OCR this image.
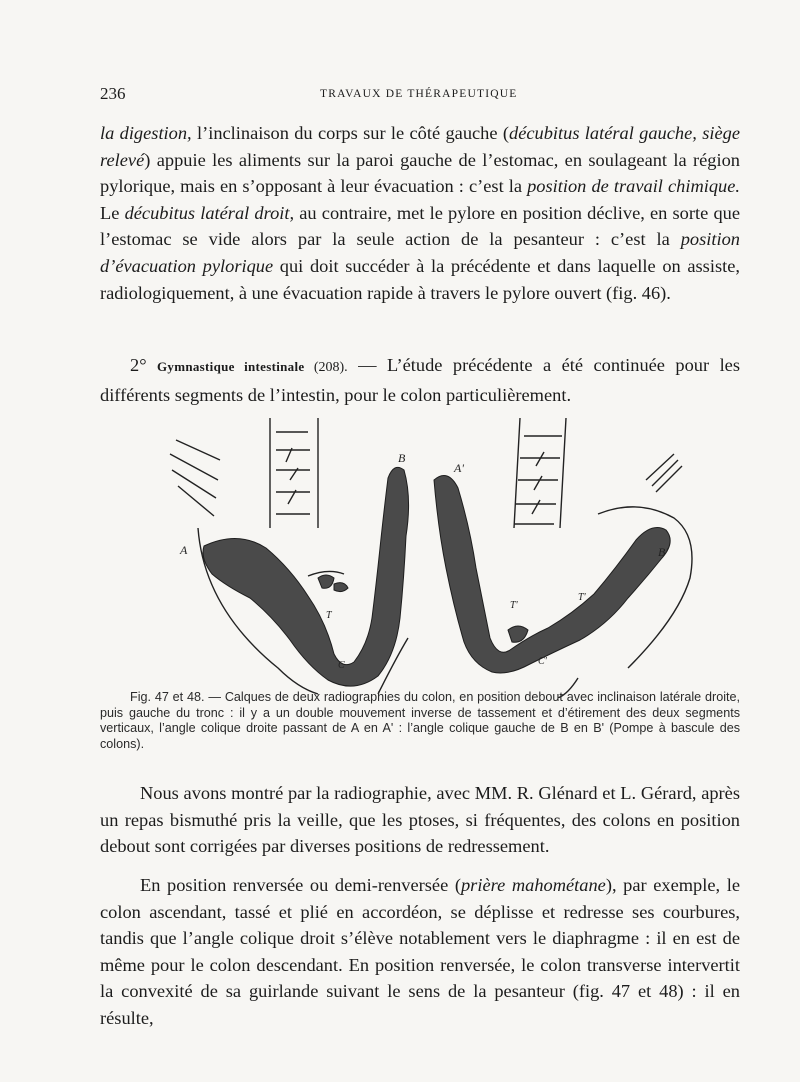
236	TRAVAUX DE THÉRAPEUTIQUE

la digestion, l’inclinaison du corps sur le côté gauche (décubitus latéral gauche, siège relevé) appuie les aliments sur la paroi gauche de l’estomac, en soulageant la région pylorique, mais en s’opposant à leur évacuation : c’est la position de travail chimique. Le décubitus latéral droit, au contraire, met le pylore en position déclive, en sorte que l’estomac se vide alors par la seule action de la pesanteur : c’est la position d’évacuation pylorique qui doit succéder à la précédente et dans laquelle on assiste, radiologiquement, à une évacuation rapide à travers le pylore ouvert (fig. 46).

2° Gymnastique intestinale (208). — L’étude précédente a été continuée pour les différents segments de l’intestin, pour le colon particulièrement.

A
B
T
C
A'
B'
T'
T'
C'

Fig. 47 et 48. — Calques de deux radiographies du colon, en position debout avec inclinaison latérale droite, puis gauche du tronc : il y a un double mouvement inverse de tassement et d’étirement des deux segments verticaux, l’angle colique droite passant de A en A' : l’angle colique gauche de B en B' (Pompe à bascule des colons).

Nous avons montré par la radiographie, avec MM. R. Glénard et L. Gérard, après un repas bismuthé pris la veille, que les ptoses, si fréquentes, des colons en position debout sont corrigées par diverses positions de redressement.

En position renversée ou demi-renversée (prière mahométane), par exemple, le colon ascendant, tassé et plié en accordéon, se déplisse et redresse ses courbures, tandis que l’angle colique droit s’élève notablement vers le diaphragme : il en est de même pour le colon descendant. En position renversée, le colon transverse intervertit la convexité de sa guirlande suivant le sens de la pesanteur (fig. 47 et 48) : il en résulte,
